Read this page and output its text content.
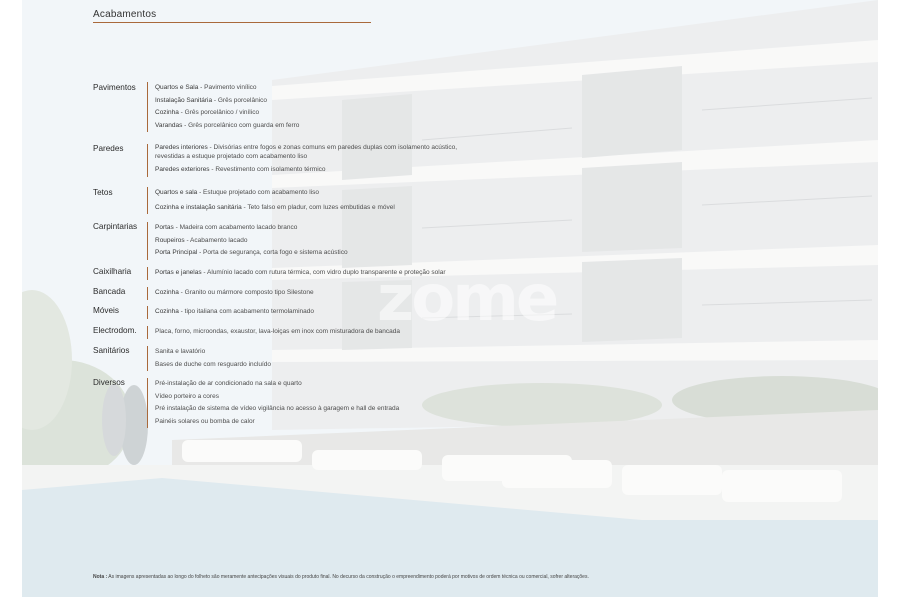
zome
Acabamentos
Pavimentos	Quartos e Sala - Pavimento vinílico
Instalação Sanitária - Grês porcelânico
Cozinha - Grês porcelânico / vinílico
Varandas - Grês porcelânico com guarda em ferro
Paredes	Paredes interiores - Divisórias entre fogos e zonas comuns em paredes duplas com isolamento acústico,
revestidas a estuque projetado com acabamento liso
Paredes exteriores - Revestimento com isolamento térmico
Tetos	Quartos e sala - Estuque projetado com acabamento liso
Cozinha e instalação sanitária - Teto falso em pladur, com luzes embutidas e móvel
Carpintarias	Portas - Madeira com acabamento lacado branco
Roupeiros - Acabamento lacado
Porta Principal - Porta de segurança, corta fogo e sistema acústico
Caixilharia	Portas e janelas - Alumínio lacado com rutura térmica, com vidro duplo transparente e proteção solar
Bancada	Cozinha - Granito ou mármore composto tipo Silestone
Móveis	Cozinha - tipo italiana com acabamento termolaminado
Electrodom.	Placa, forno, microondas, exaustor, lava-loiças em inox com misturadora de bancada
Sanitários	Sanita e lavatório
Bases de duche com resguardo incluído
Diversos	Pré-instalação de ar condicionado na sala e quarto
Vídeo porteiro a cores
Pré instalação de sistema de vídeo vigilância no acesso à garagem e hall de entrada
Painéis solares ou bomba de calor
Nota : As imagens apresentadas ao longo do folheto são meramente antecipações visuais do produto final. No decurso da construção o empreendimento poderá por motivos de ordem técnica ou comercial, sofrer alterações.
